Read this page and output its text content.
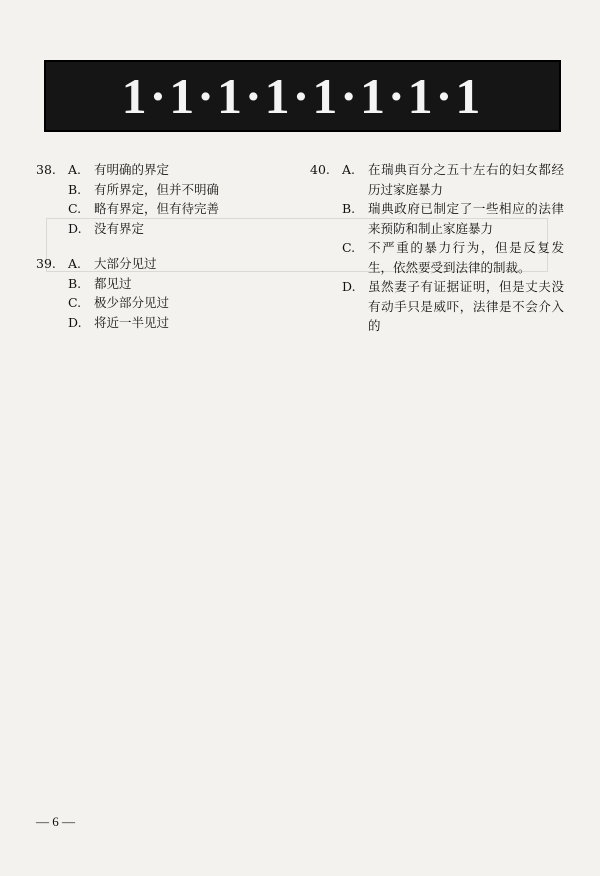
1·1·1·1·1·1·1·1
38. A.	有明确的界定
B.	有所界定，但并不明确
C.	略有界定，但有待完善
D. 没有界定
39. A.	大部分见过
B.	都见过
C.	极少部分见过
D. 将近一半见过
40. A.	在瑞典百分之五十左右的妇女都经历过家庭暴力
B.	瑞典政府已制定了一些相应的法律来预防和制止家庭暴力
C.	不严重的暴力行为，但是反复发生，依然要受到法律的制裁。
D. 虽然妻子有证据证明，但是丈夫没有动手只是威吓，法律是不会介入的
— 6 —
